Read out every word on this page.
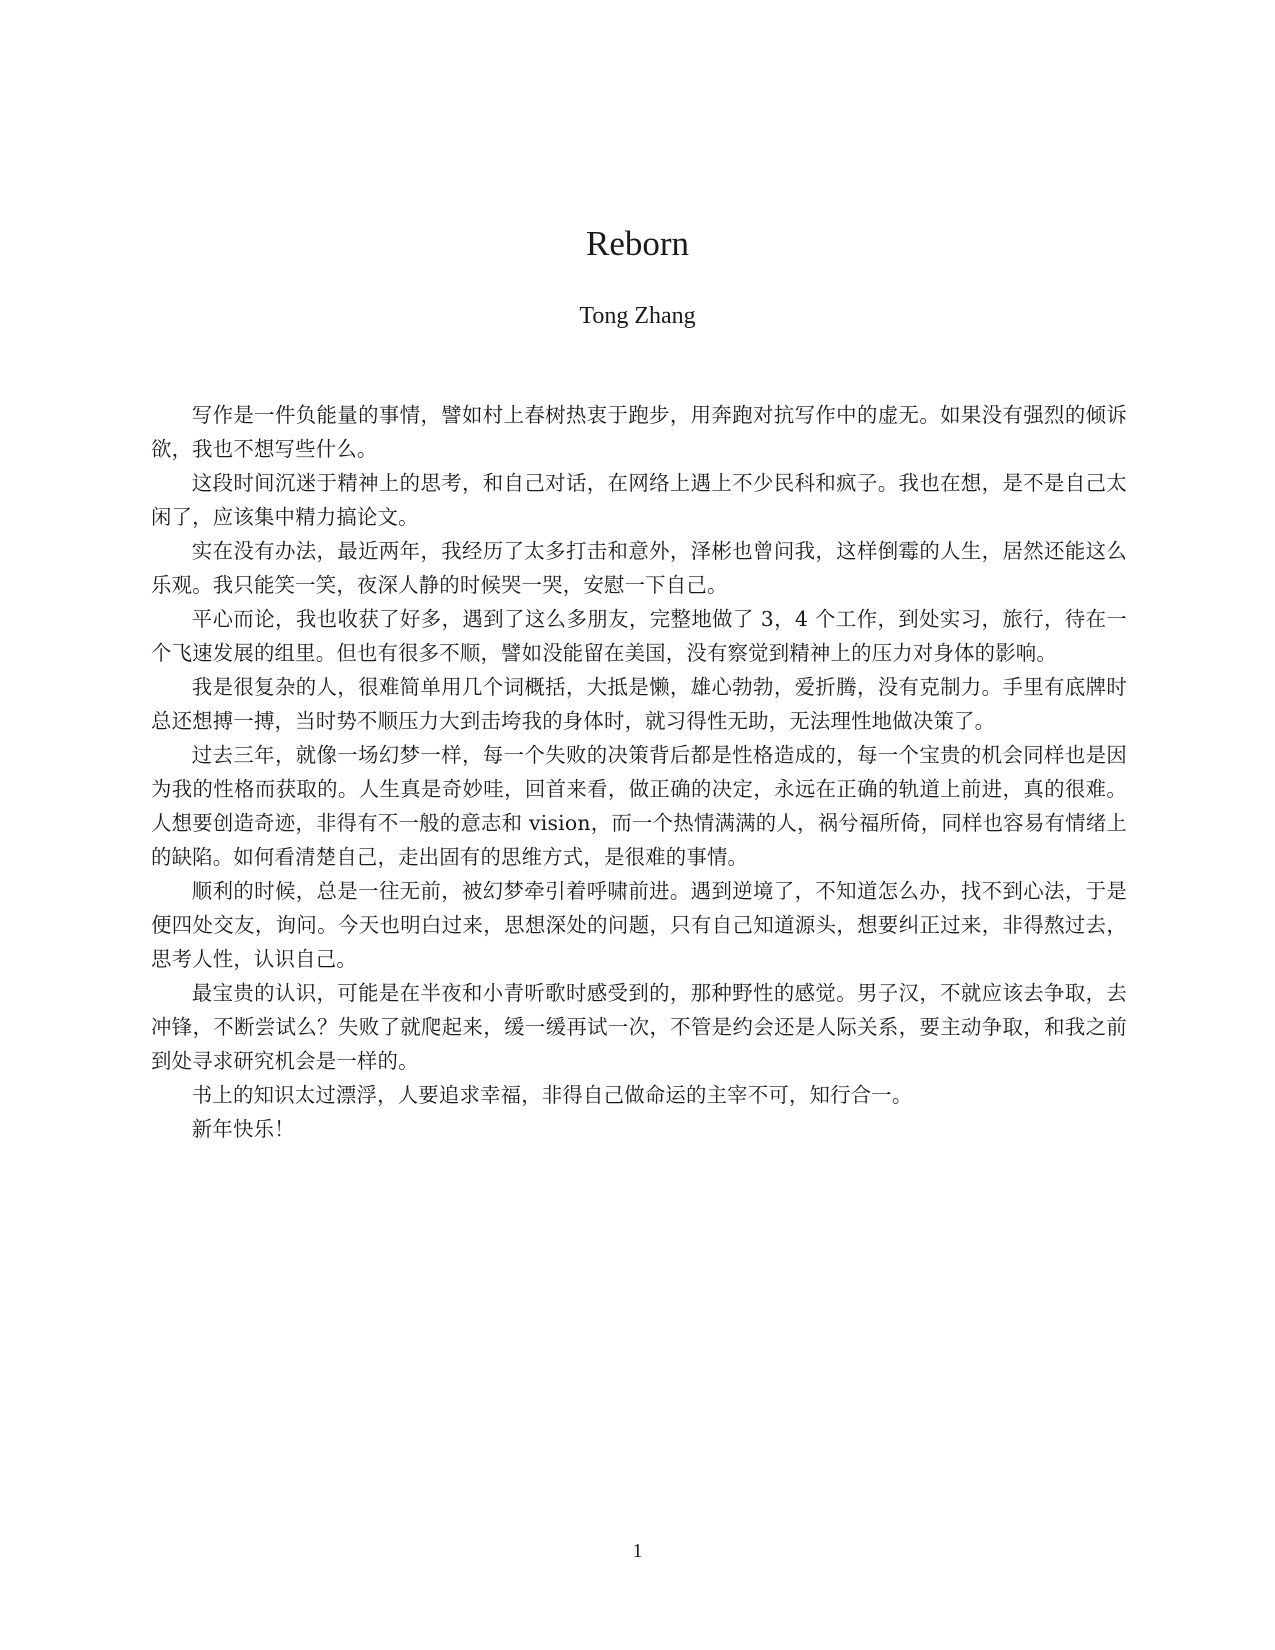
Reborn
Tong Zhang

写作是一件负能量的事情，譬如村上春树热衷于跑步，用奔跑对抗写作中的虚无。如果没有强烈的倾诉欲，我也不想写些什么。

这段时间沉迷于精神上的思考，和自己对话，在网络上遇上不少民科和疯子。我也在想，是不是自己太闲了，应该集中精力搞论文。

实在没有办法，最近两年，我经历了太多打击和意外，泽彬也曾问我，这样倒霉的人生，居然还能这么乐观。我只能笑一笑，夜深人静的时候哭一哭，安慰一下自己。

平心而论，我也收获了好多，遇到了这么多朋友，完整地做了 3，4 个工作，到处实习，旅行，待在一个飞速发展的组里。但也有很多不顺，譬如没能留在美国，没有察觉到精神上的压力对身体的影响。

我是很复杂的人，很难简单用几个词概括，大抵是懒，雄心勃勃，爱折腾，没有克制力。手里有底牌时总还想搏一搏，当时势不顺压力大到击垮我的身体时，就习得性无助，无法理性地做决策了。

过去三年，就像一场幻梦一样，每一个失败的决策背后都是性格造成的，每一个宝贵的机会同样也是因为我的性格而获取的。人生真是奇妙哇，回首来看，做正确的决定，永远在正确的轨道上前进，真的很难。人想要创造奇迹，非得有不一般的意志和 vision，而一个热情满满的人，祸兮福所倚，同样也容易有情绪上的缺陷。如何看清楚自己，走出固有的思维方式，是很难的事情。

顺利的时候，总是一往无前，被幻梦牵引着呼啸前进。遇到逆境了，不知道怎么办，找不到心法，于是便四处交友，询问。今天也明白过来，思想深处的问题，只有自己知道源头，想要纠正过来，非得熬过去，思考人性，认识自己。

最宝贵的认识，可能是在半夜和小青听歌时感受到的，那种野性的感觉。男子汉，不就应该去争取，去冲锋，不断尝试么？失败了就爬起来，缓一缓再试一次，不管是约会还是人际关系，要主动争取，和我之前到处寻求研究机会是一样的。

书上的知识太过漂浮，人要追求幸福，非得自己做命运的主宰不可，知行合一。

新年快乐！

1
